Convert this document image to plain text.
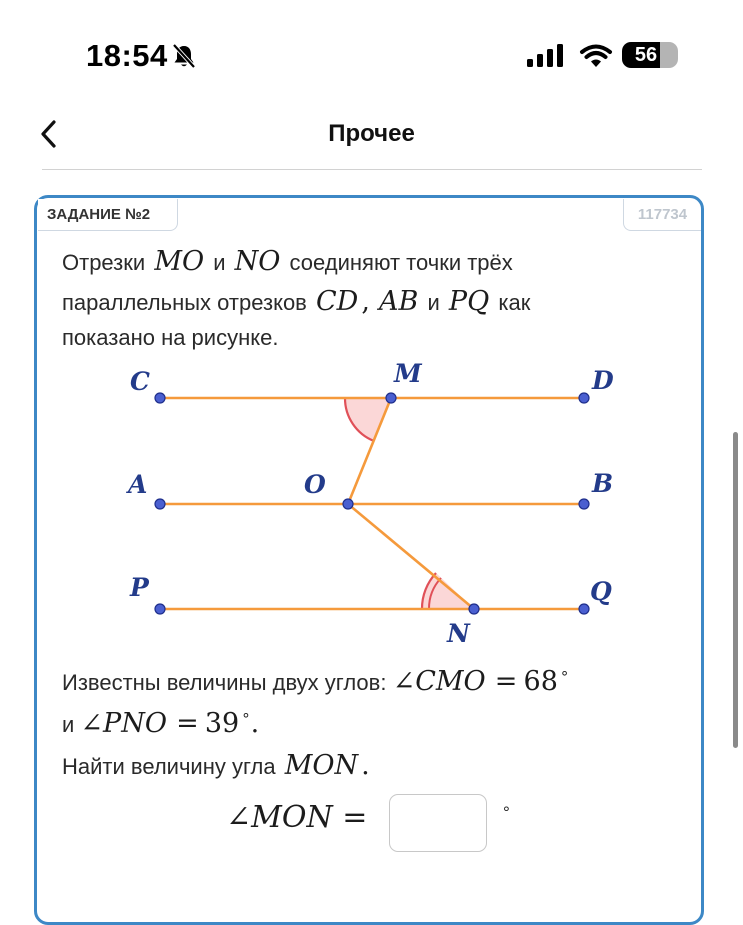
18:54	56
Прочее
ЗАДАНИЕ №2	117734
Отрезки MO и NO соединяют точки трёх
параллельных отрезков CD , AB и PQ как
показано на рисунке.
C	M	D
A	O	B
P
N
Q
Известны величины двух углов: ∠CMO = 68 ∘
и ∠PNO = 39 ∘.
Найти величину угла MON .
∠MON =	°
